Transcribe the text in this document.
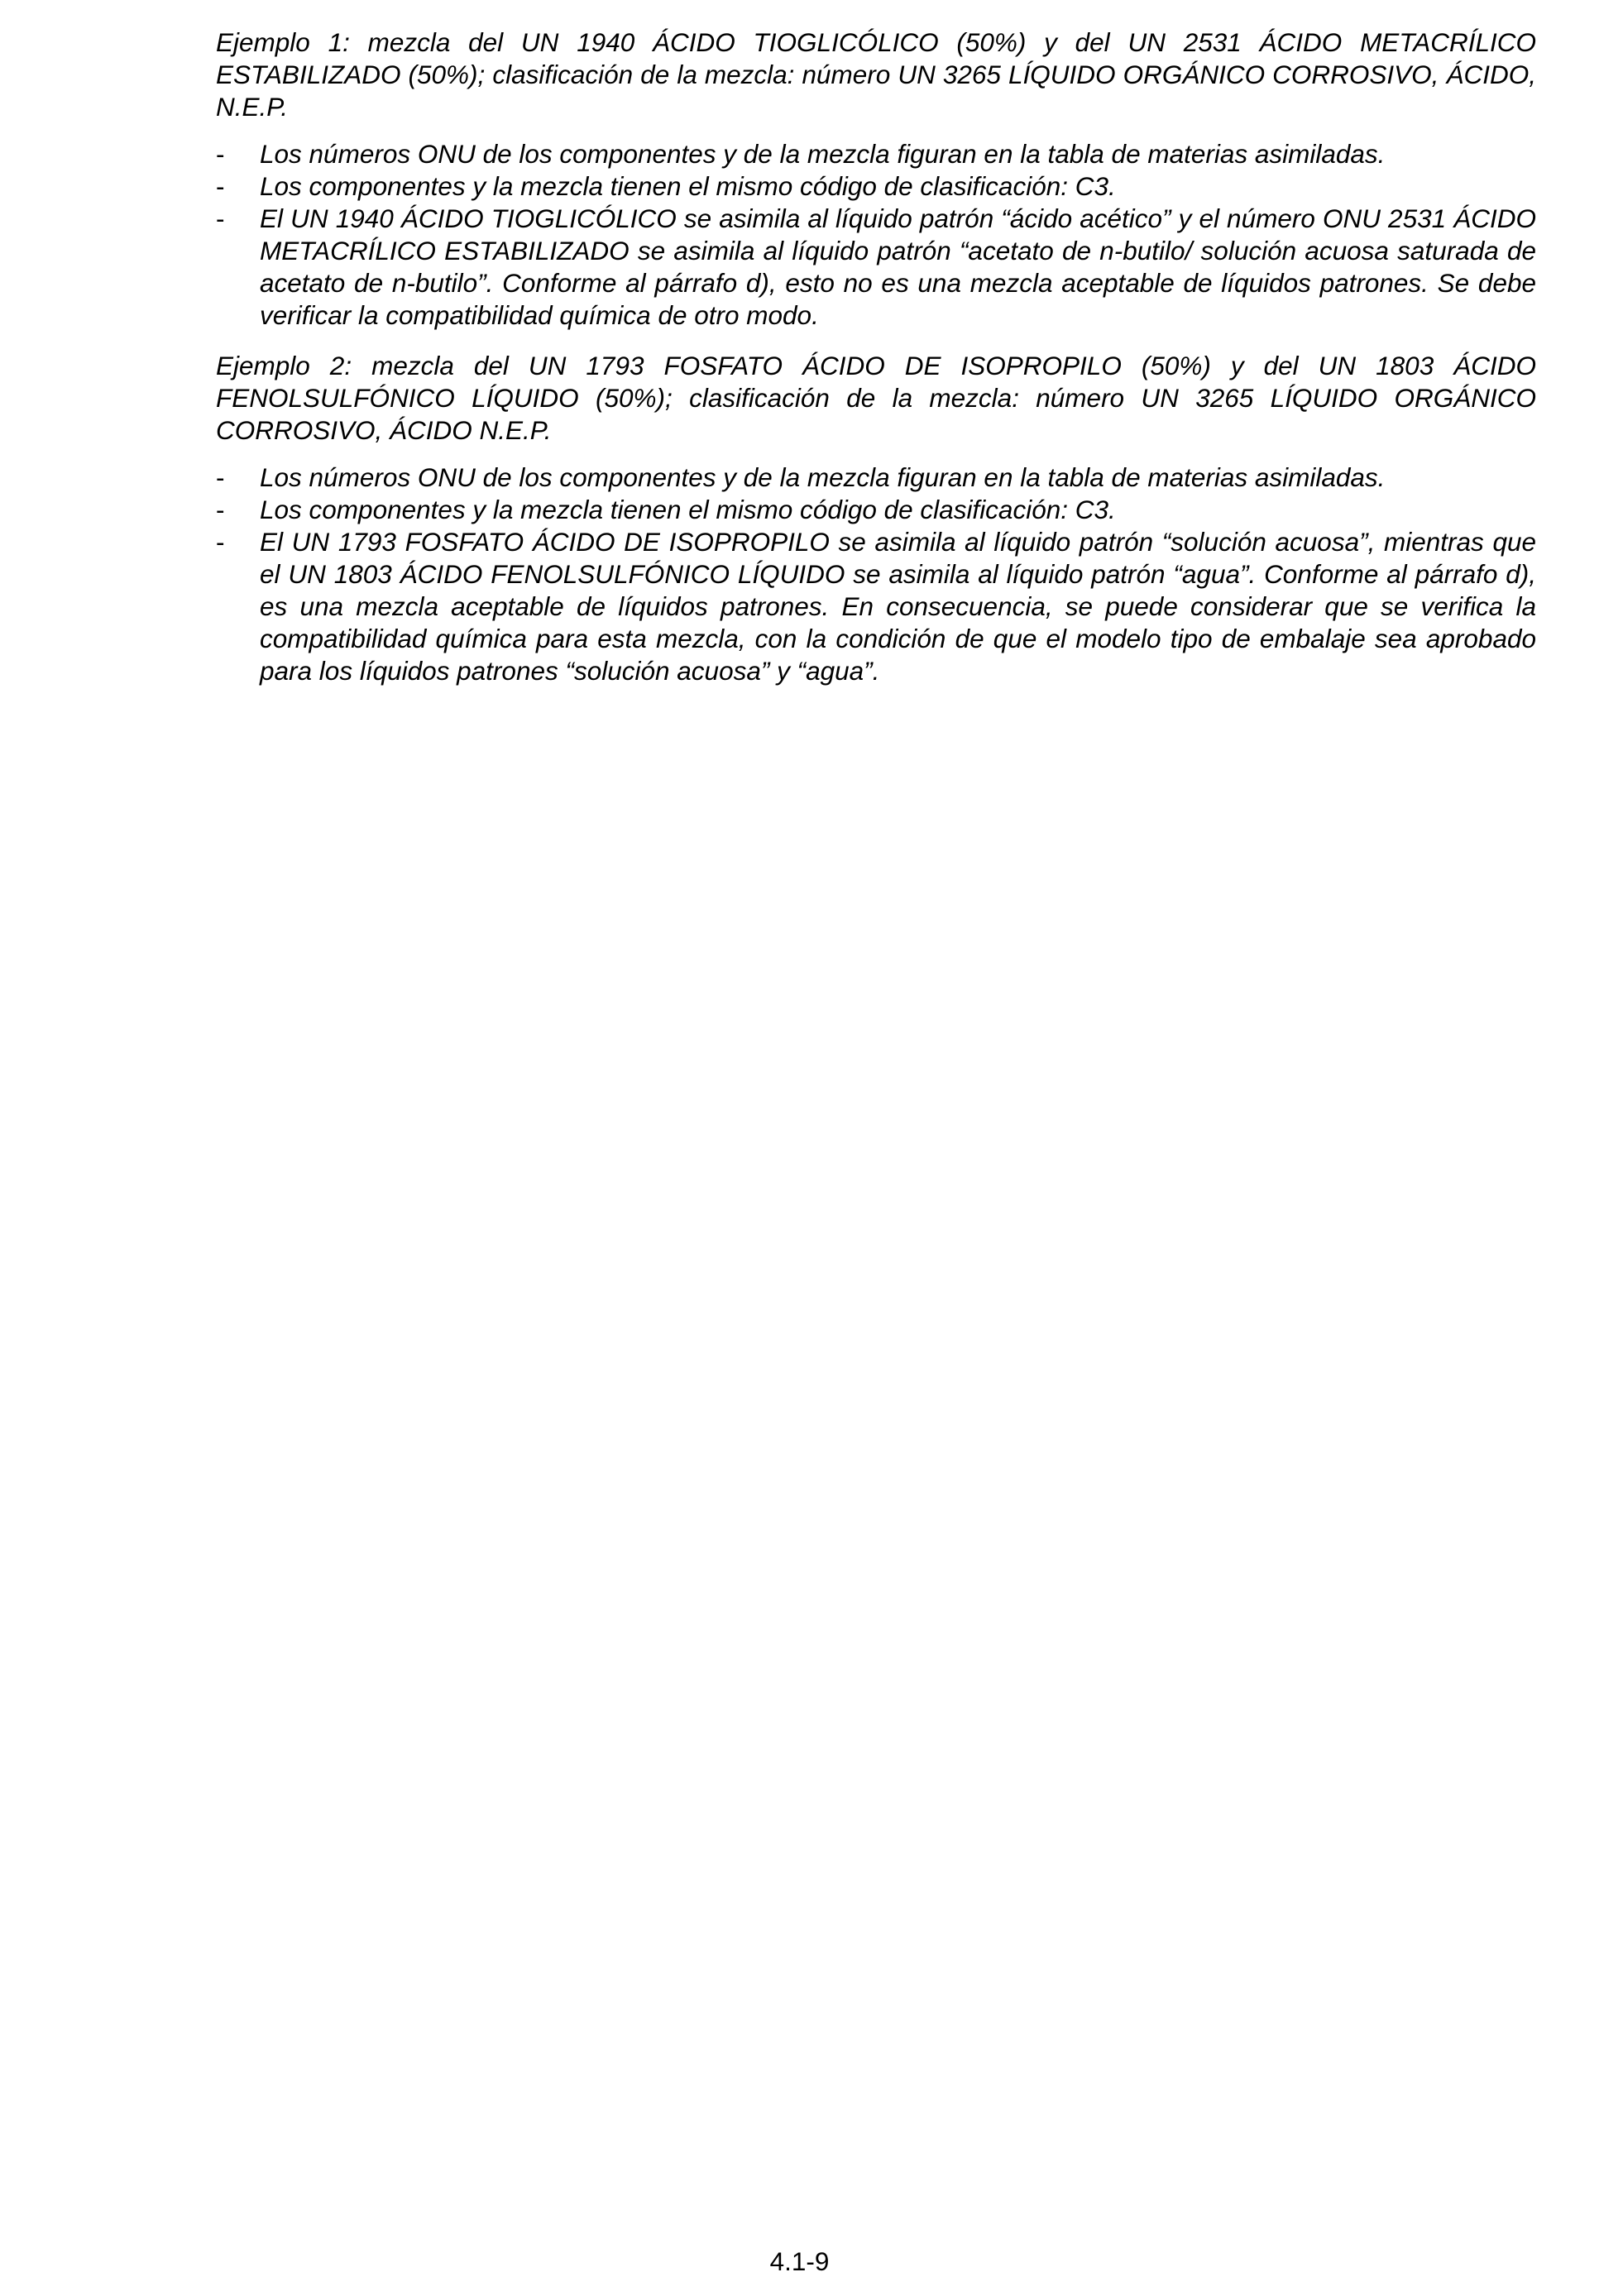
Ejemplo 1: mezcla del UN 1940 ÁCIDO TIOGLICÓLICO (50%) y del UN 2531 ÁCIDO METACRÍLICO ESTABILIZADO (50%); clasificación de la mezcla: número UN 3265 LÍQUIDO ORGÁNICO CORROSIVO, ÁCIDO, N.E.P.

- Los números ONU de los componentes y de la mezcla figuran en la tabla de materias asimiladas.
- Los componentes y la mezcla tienen el mismo código de clasificación: C3.
- El UN 1940 ÁCIDO TIOGLICÓLICO se asimila al líquido patrón “ácido acético” y el número ONU 2531 ÁCIDO METACRÍLICO ESTABILIZADO se asimila al líquido patrón “acetato de n-butilo/ solución acuosa saturada de acetato de n-butilo”. Conforme al párrafo d), esto no es una mezcla aceptable de líquidos patrones. Se debe verificar la compatibilidad química de otro modo.

Ejemplo 2: mezcla del UN 1793 FOSFATO ÁCIDO DE ISOPROPILO (50%) y del UN 1803 ÁCIDO FENOLSULFÓNICO LÍQUIDO (50%); clasificación de la mezcla: número UN 3265 LÍQUIDO ORGÁNICO CORROSIVO, ÁCIDO N.E.P.

- Los números ONU de los componentes y de la mezcla figuran en la tabla de materias asimiladas.
- Los componentes y la mezcla tienen el mismo código de clasificación: C3.
- El UN 1793 FOSFATO ÁCIDO DE ISOPROPILO se asimila al líquido patrón “solución acuosa”, mientras que el UN 1803 ÁCIDO FENOLSULFÓNICO LÍQUIDO se asimila al líquido patrón “agua”. Conforme al párrafo d), es una mezcla aceptable de líquidos patrones. En consecuencia, se puede considerar que se verifica la compatibilidad química para esta mezcla, con la condición de que el modelo tipo de embalaje sea aprobado para los líquidos patrones “solución acuosa” y “agua”.
4.1-9
